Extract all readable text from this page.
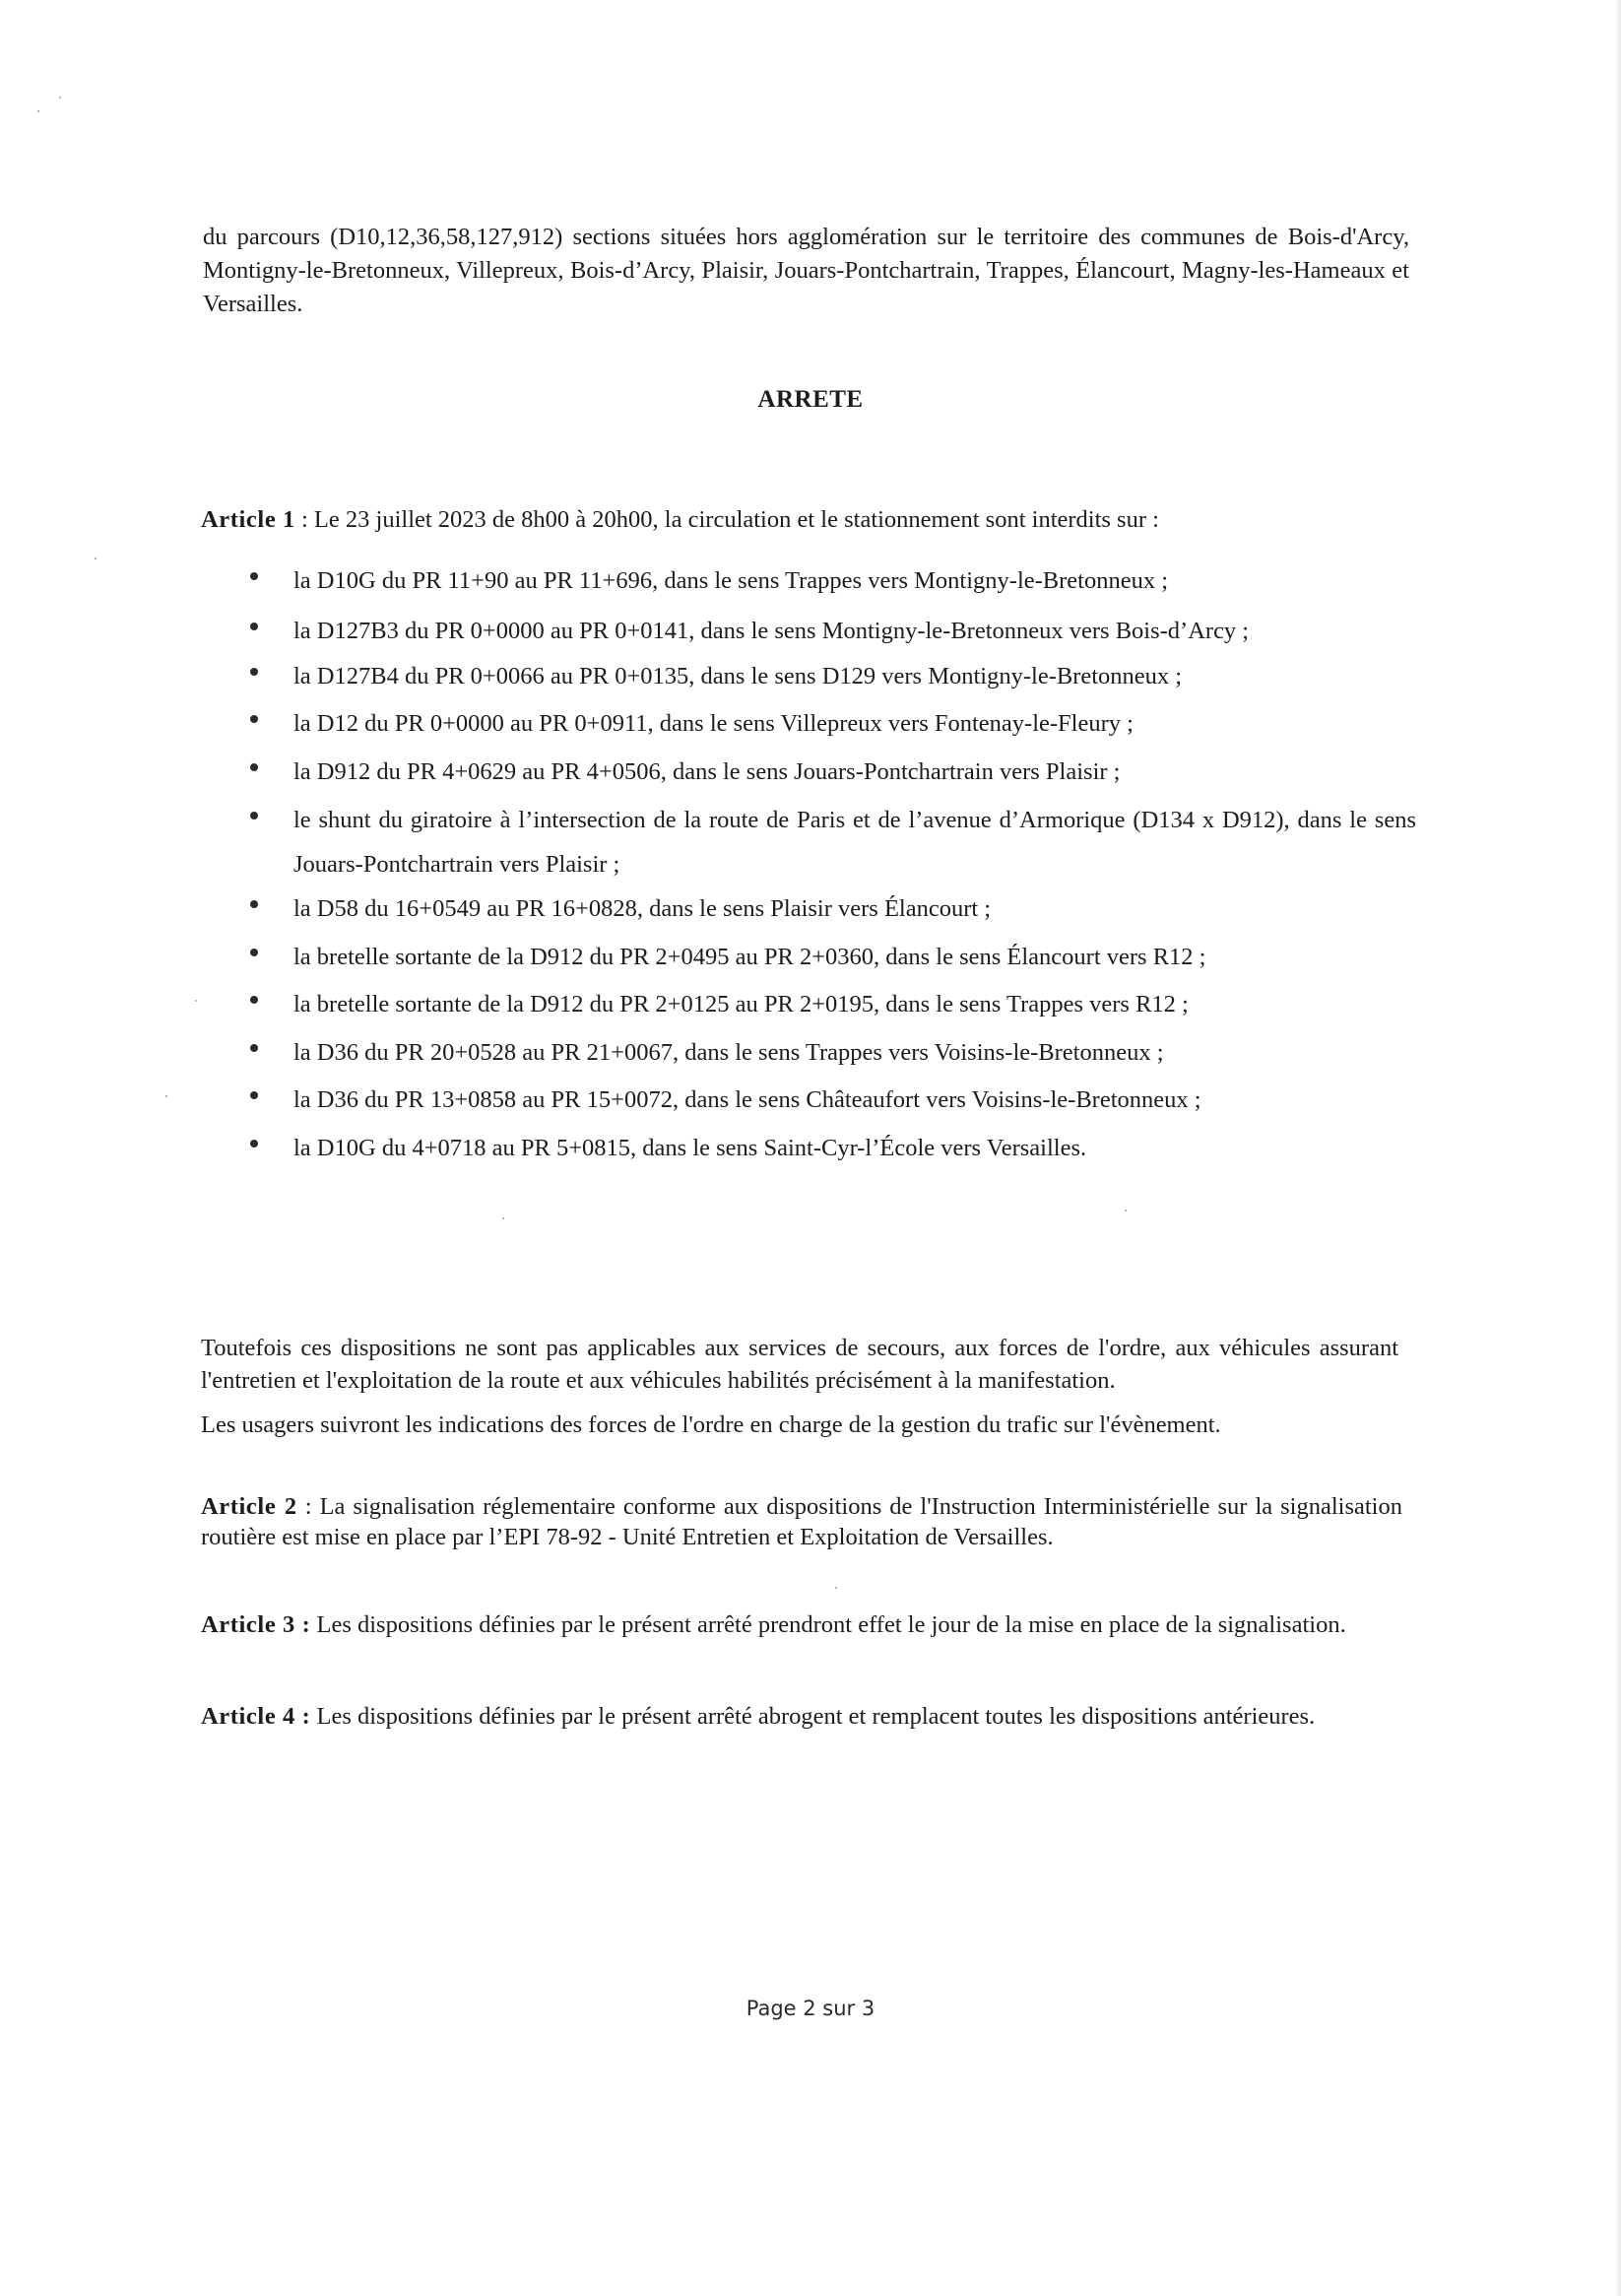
du parcours (D10,12,36,58,127,912) sections situées hors agglomération sur le territoire des communes de Bois-d'Arcy, Montigny-le-Bretonneux, Villepreux, Bois-d’Arcy, Plaisir, Jouars-Pontchartrain, Trappes, Élancourt, Magny-les-Hameaux et Versailles.

ARRETE

Article 1 : Le 23 juillet 2023 de 8h00 à 20h00, la circulation et le stationnement sont interdits sur :

la D10G du PR 11+90 au PR 11+696, dans le sens Trappes vers Montigny-le-Bretonneux ;

la D127B3 du PR 0+0000 au PR 0+0141, dans le sens Montigny-le-Bretonneux vers Bois-d’Arcy ;

la D127B4 du PR 0+0066 au PR 0+0135, dans le sens D129 vers Montigny-le-Bretonneux ;

la D12 du PR 0+0000 au PR 0+0911, dans le sens Villepreux vers Fontenay-le-Fleury ;

la D912 du PR 4+0629 au PR 4+0506, dans le sens Jouars-Pontchartrain vers Plaisir ;

le shunt du giratoire à l’intersection de la route de Paris et de l’avenue d’Armorique (D134 x D912), dans le sens Jouars-Pontchartrain vers Plaisir ;

la D58 du 16+0549 au PR 16+0828, dans le sens Plaisir vers Élancourt ;

la bretelle sortante de la D912 du PR 2+0495 au PR 2+0360, dans le sens Élancourt vers R12 ;

la bretelle sortante de la D912 du PR 2+0125 au PR 2+0195, dans le sens Trappes vers R12 ;

la D36 du PR 20+0528 au PR 21+0067, dans le sens Trappes vers Voisins-le-Bretonneux ;

la D36 du PR 13+0858 au PR 15+0072, dans le sens Châteaufort vers Voisins-le-Bretonneux ;

la D10G du 4+0718 au PR 5+0815, dans le sens Saint-Cyr-l’École vers Versailles.

Toutefois ces dispositions ne sont pas applicables aux services de secours, aux forces de l'ordre, aux véhicules assurant l'entretien et l'exploitation de la route et aux véhicules habilités précisément à la manifestation.

Les usagers suivront les indications des forces de l'ordre en charge de la gestion du trafic sur l'évènement.

Article 2 : La signalisation réglementaire conforme aux dispositions de l'Instruction Interministérielle sur la signalisation routière est mise en place par l’EPI 78-92 - Unité Entretien et Exploitation de Versailles.

Article 3 : Les dispositions définies par le présent arrêté prendront effet le jour de la mise en place de la signalisation.

Article 4 : Les dispositions définies par le présent arrêté abrogent et remplacent toutes les dispositions antérieures.

Page 2 sur 3
